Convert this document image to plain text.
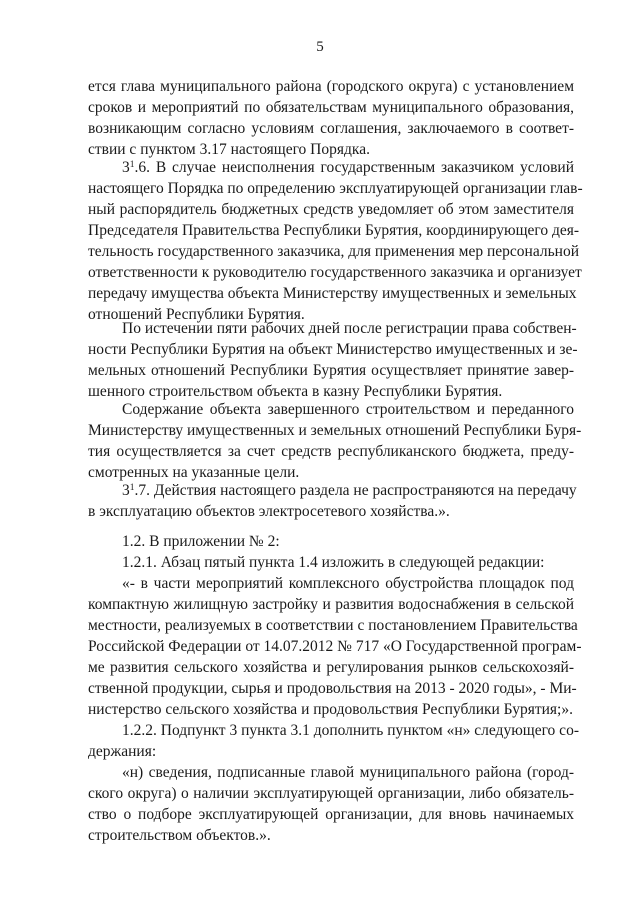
5
ется глава муниципального района (городского округа) с установлением
сроков и мероприятий по обязательствам муниципального образования,
возникающим согласно условиям соглашения, заключаемого в соответ-
ствии с пунктом 3.17 настоящего Порядка.
$3^1.6$. В случае неисполнения государственным заказчиком условий
настоящего Порядка по определению эксплуатирующей организации глав-
ный распорядитель бюджетных средств уведомляет об этом заместителя
Председателя Правительства Республики Бурятия, координирующего дея-
тельность государственного заказчика, для применения мер персональной
ответственности к руководителю государственного заказчика и организует
передачу имущества объекта Министерству имущественных и земельных
отношений Республики Бурятия.
По истечении пяти рабочих дней после регистрации права собствен-
ности Республики Бурятия на объект Министерство имущественных и зе-
мельных отношений Республики Бурятия осуществляет принятие завер-
шенного строительством объекта в казну Республики Бурятия.
Содержание объекта завершенного строительством и переданного
Министерству имущественных и земельных отношений Республики Буря-
тия осуществляется за счет средств республиканского бюджета, преду-
смотренных на указанные цели.
$3^1.7$. Действия настоящего раздела не распространяются на передачу
в эксплуатацию объектов электросетевого хозяйства.».
1.2. В приложении № 2:
1.2.1. Абзац пятый пункта 1.4 изложить в следующей редакции:
«- в части мероприятий комплексного обустройства площадок под
компактную жилищную застройку и развития водоснабжения в сельской
местности, реализуемых в соответствии с постановлением Правительства
Российской Федерации от 14.07.2012 № 717 «О Государственной програм-
ме развития сельского хозяйства и регулирования рынков сельскохозяй-
ственной продукции, сырья и продовольствия на 2013 - 2020 годы», - Ми-
нистерство сельского хозяйства и продовольствия Республики Бурятия;».
1.2.2. Подпункт 3 пункта 3.1 дополнить пунктом «н» следующего со-
держания:
«н) сведения, подписанные главой муниципального района (город-
ского округа) о наличии эксплуатирующей организации, либо обязатель-
ство о подборе эксплуатирующей организации, для вновь начинаемых
строительством объектов.».
